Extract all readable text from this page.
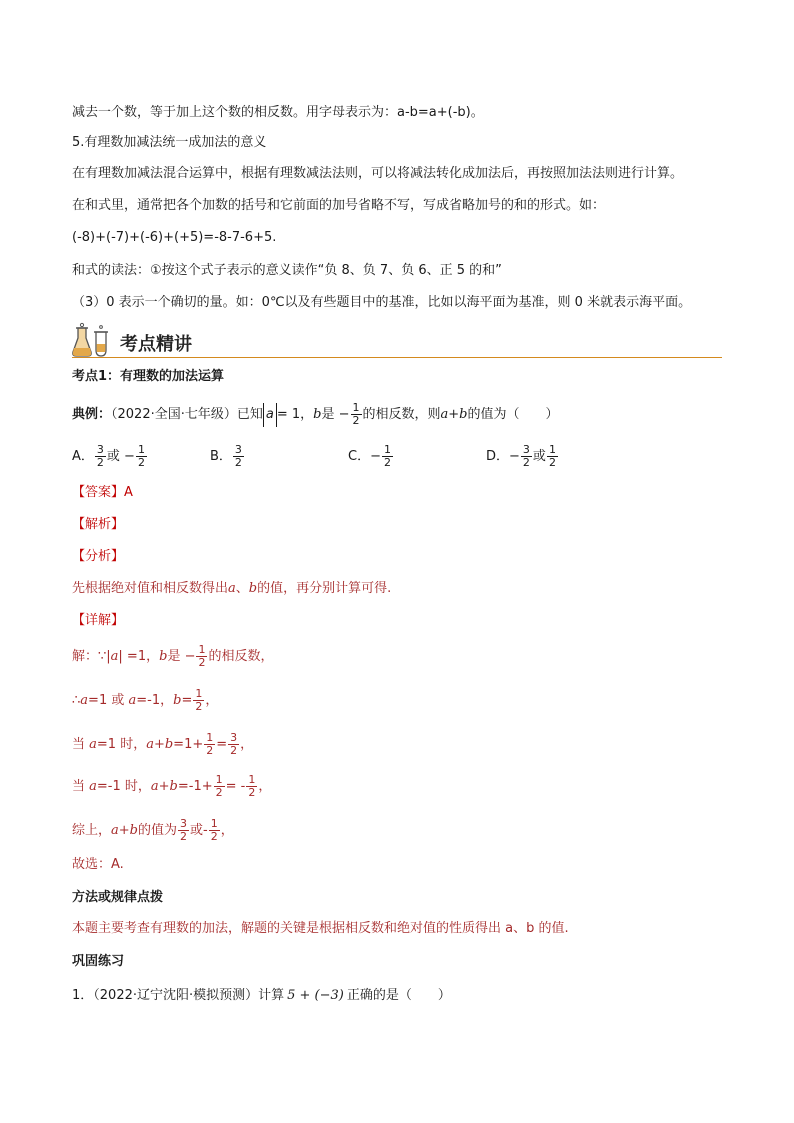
减去一个数，等于加上这个数的相反数。用字母表示为：a-b=a+(-b)。
5.有理数加减法统一成加法的意义
在有理数加减法混合运算中，根据有理数减法法则，可以将减法转化成加法后，再按照加法法则进行计算。
在和式里，通常把各个加数的括号和它前面的加号省略不写，写成省略加号的和的形式。如：
(-8)+(-7)+(-6)+(+5)=-8-7-6+5.
和式的读法：①按这个式子表示的意义读作“负 8、负 7、负 6、正 5 的和”
（3）0 表示一个确切的量。如：0℃以及有些题目中的基准，比如以海平面为基准，则 0 米就表示海平面。
考点精讲
考点1：有理数的加法运算
典例：（2022·全国·七年级）已知 a = 1，b是 − $\frac{1}{2}$ 的相反数，则a+b的值为（　　）
A． $\frac{3}{2}$ 或 − $\frac{1}{2}$	B． $\frac{3}{2}$	C．− $\frac{1}{2}$	D．− $\frac{3}{2}$ 或 $\frac{1}{2}$
【答案】A
【解析】
【分析】
先根据绝对值和相反数得出a、b的值，再分别计算可得.
【详解】
解：∵|a| =1，b是 − $\frac{1}{2}$ 的相反数，
∴a=1 或 a=-1，$b= \frac{1}{2}$ ，
当 a=1 时，$a+b=1+ \frac{1}{2} = \frac{3}{2}$ ，
当 a=-1 时，$a+b=-1+ \frac{1}{2}$ = - $\frac{1}{2}$ ，
综上，a+b的值为 $\frac{3}{2}$ 或- $\frac{1}{2}$ ，
故选：A.
方法或规律点拨
本题主要考查有理数的加法，解题的关键是根据相反数和绝对值的性质得出 a、b 的值.
巩固练习
1．（2022·辽宁沈阳·模拟预测）计算 5 + (−3) 正确的是（　　）
